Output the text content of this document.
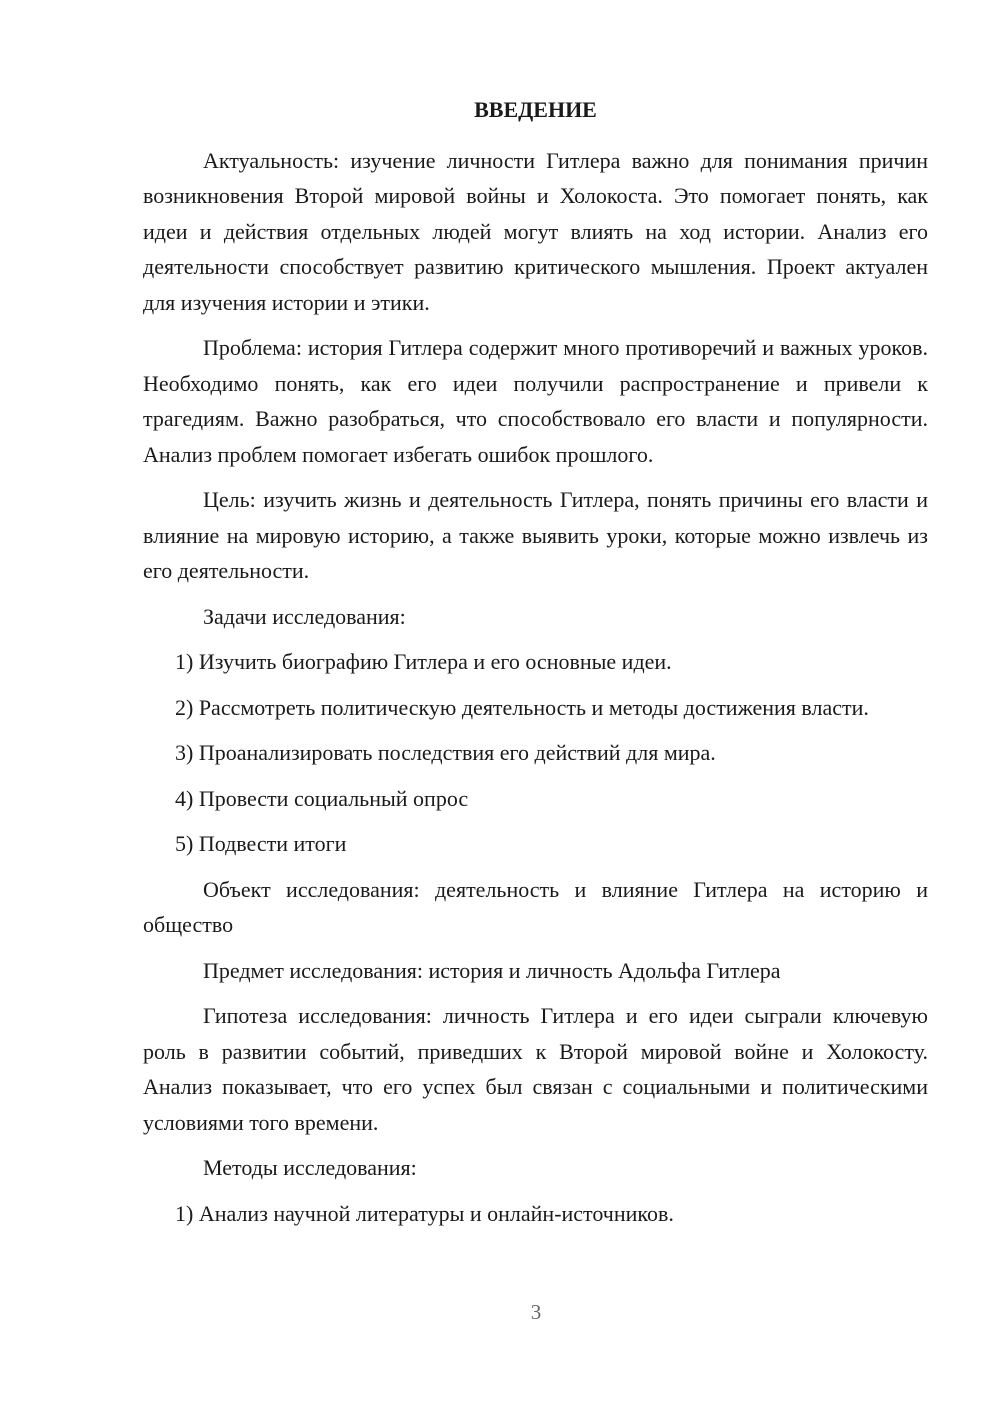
ВВЕДЕНИЕ

Актуальность: изучение личности Гитлера важно для понимания причин возникновения Второй мировой войны и Холокоста. Это помогает понять, как идеи и действия отдельных людей могут влиять на ход истории. Анализ его деятельности способствует развитию критического мышления. Проект актуален для изучения истории и этики.

Проблема: история Гитлера содержит много противоречий и важных уроков. Необходимо понять, как его идеи получили распространение и привели к трагедиям. Важно разобраться, что способствовало его власти и популярности. Анализ проблем помогает избегать ошибок прошлого.

Цель: изучить жизнь и деятельность Гитлера, понять причины его власти и влияние на мировую историю, а также выявить уроки, которые можно извлечь из его деятельности.

Задачи исследования:

1) Изучить биографию Гитлера и его основные идеи.

2) Рассмотреть политическую деятельность и методы достижения власти.

3) Проанализировать последствия его действий для мира.

4) Провести социальный опрос

5) Подвести итоги

Объект исследования: деятельность и влияние Гитлера на историю и общество

Предмет исследования: история и личность Адольфа Гитлера

Гипотеза исследования: личность Гитлера и его идеи сыграли ключевую роль в развитии событий, приведших к Второй мировой войне и Холокосту. Анализ показывает, что его успех был связан с социальными и политическими условиями того времени.

Методы исследования:

1) Анализ научной литературы и онлайн-источников.

3
